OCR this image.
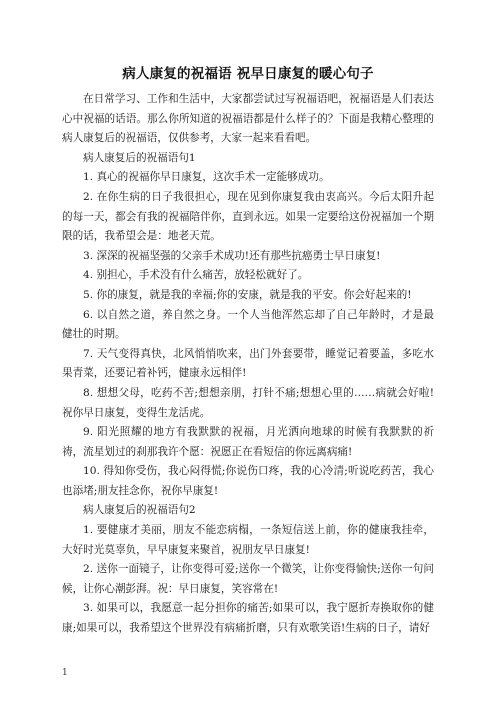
病人康复的祝福语 祝早日康复的暖心句子

在日常学习、工作和生活中，大家都尝试过写祝福语吧，祝福语是人们表达心中祝福的话语。那么你所知道的祝福语都是什么样子的？下面是我精心整理的病人康复后的祝福语，仅供参考，大家一起来看看吧。

病人康复后的祝福语句1

1. 真心的祝福你早日康复，这次手术一定能够成功。

2. 在你生病的日子我很担心，现在见到你康复我由衷高兴。今后太阳升起的每一天，都会有我的祝福陪伴你，直到永远。如果一定要给这份祝福加一个期限的话，我希望会是：地老天荒。

3. 深深的祝福坚强的父亲手术成功!还有那些抗癌勇士早日康复!

4. 别担心，手术没有什么痛苦，放轻松就好了。

5. 你的康复，就是我的幸福;你的安康，就是我的平安。你会好起来的!

6. 以自然之道，养自然之身。一个人当他浑然忘却了自己年龄时，才是最健壮的时期。

7. 天气变得真快，北风悄悄吹来，出门外套要带，睡觉记着要盖，多吃水果青菜，还要记着补钙，健康永远相伴!

8. 想想父母，吃药不苦;想想亲朋，打针不痛;想想心里的……病就会好啦!祝你早日康复，变得生龙活虎。

9. 阳光照耀的地方有我默默的祝福，月光洒向地球的时候有我默默的祈祷，流星划过的刹那我许个愿：祝愿正在看短信的你远离病痛!

10. 得知你受伤，我心闷得慌;你说伤口疼，我的心冷清;听说吃药苦，我心也添堵;朋友挂念你，祝你早康复!

病人康复后的祝福语句2

1. 要健康才美丽，朋友不能恋病榻，一条短信送上前，你的健康我挂牵，大好时光莫辜负，早早康复来聚首，祝朋友早日康复!

2. 送你一面镜子，让你变得可爱;送你一个微笑，让你变得愉快;送你一句问候，让你心潮彭湃。祝：早日康复，笑容常在!

3. 如果可以，我愿意一起分担你的痛苦;如果可以，我宁愿折寿换取你的健康;如果可以，我希望这个世界没有病痛折磨，只有欢歌笑语!生病的日子，请好

1
